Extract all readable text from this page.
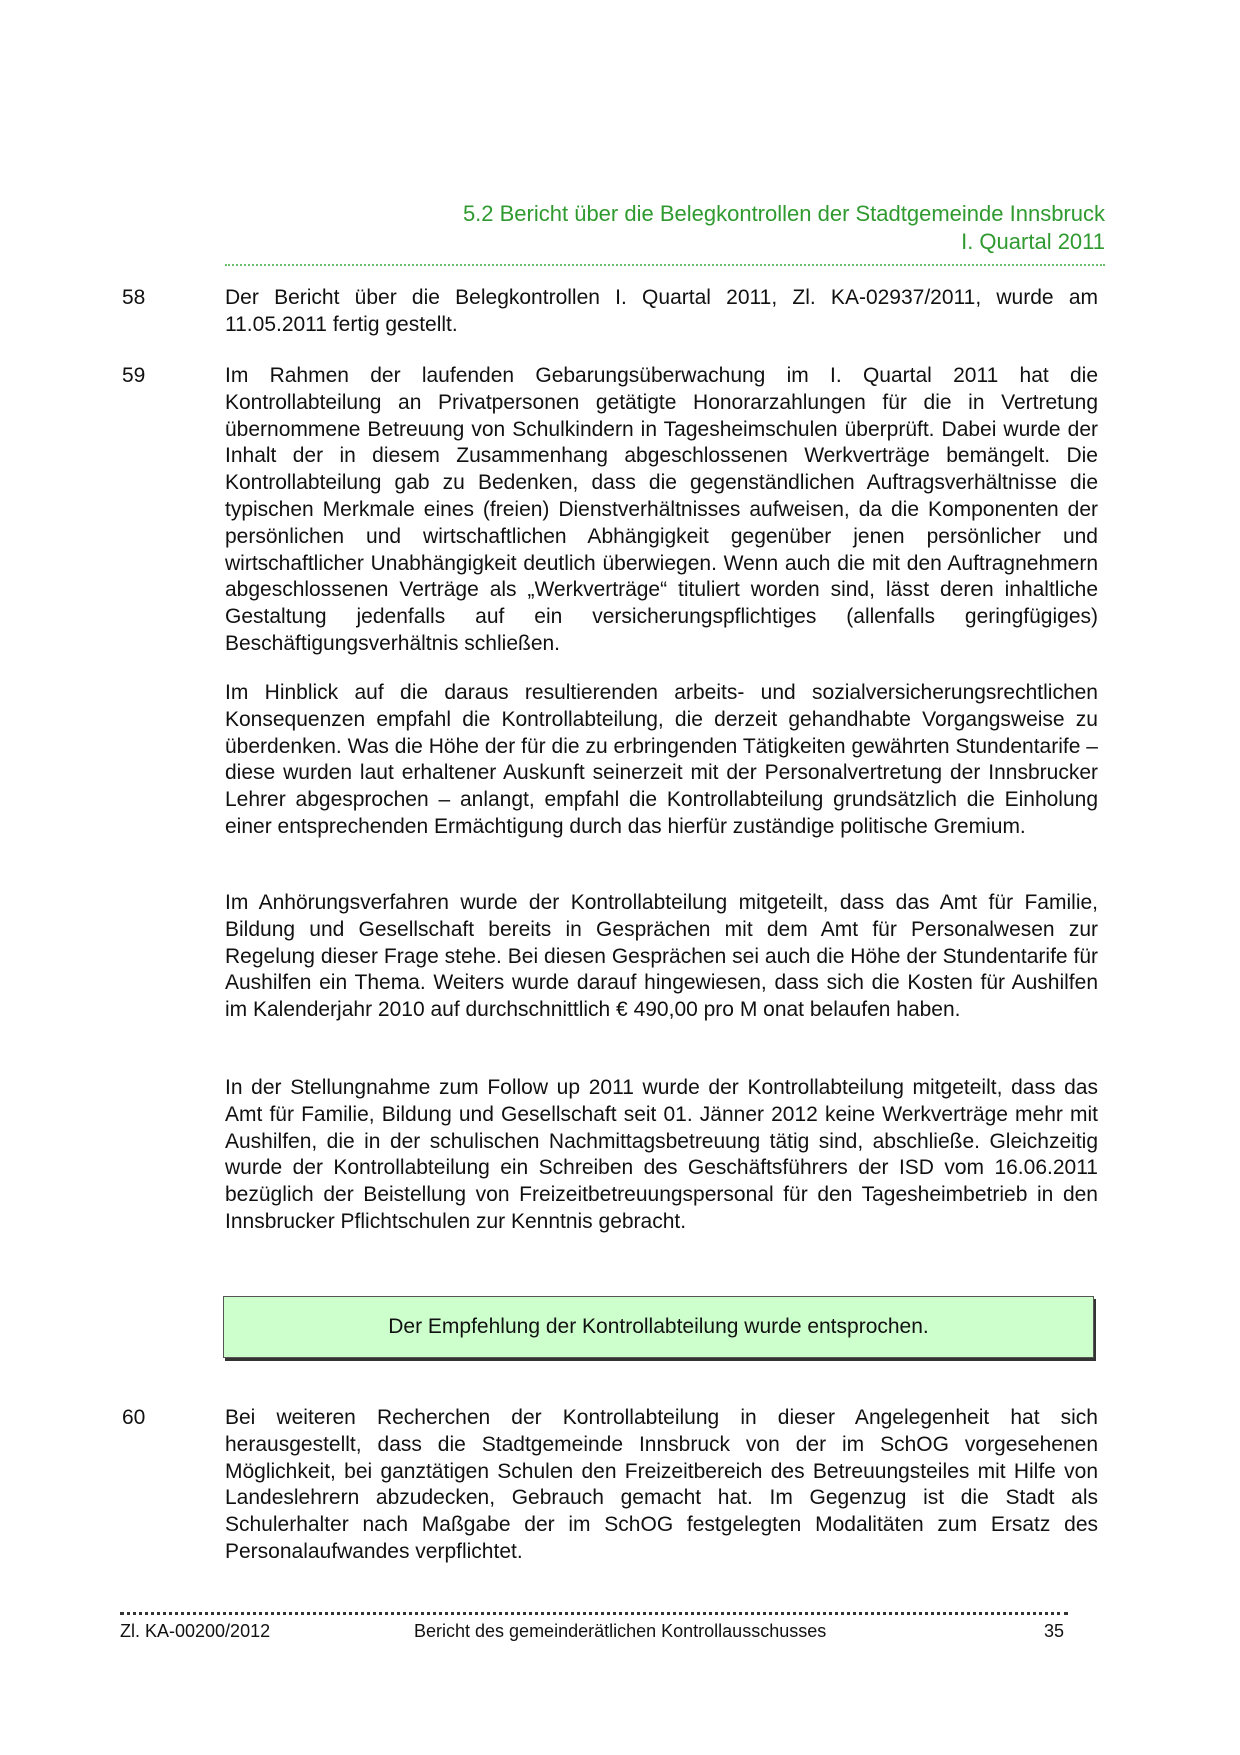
5.2 Bericht über die Belegkontrollen der Stadtgemeinde Innsbruck
I. Quartal 2011
58	Der Bericht über die Belegkontrollen I. Quartal 2011, Zl. KA-02937/2011, wurde am 11.05.2011 fertig gestellt.

59	Im Rahmen der laufenden Gebarungsüberwachung im I. Quartal 2011 hat die Kontrollabteilung an Privatpersonen getätigte Honorarzahlungen für die in Vertretung übernommene Betreuung von Schulkindern in Tagesheimschulen überprüft. Dabei wurde der Inhalt der in diesem Zusammenhang abgeschlossenen Werkverträge bemängelt. Die Kontrollabteilung gab zu Bedenken, dass die gegenständlichen Auftragsverhältnisse die typischen Merkmale eines (freien) Dienstverhältnisses aufweisen, da die Komponenten der persönlichen und wirtschaftlichen Abhängigkeit gegenüber jenen persönlicher und wirtschaftlicher Unabhängigkeit deutlich überwiegen. Wenn auch die mit den Auftragnehmern abgeschlossenen Verträge als „Werkverträge“ tituliert worden sind, lässt deren inhaltliche Gestaltung jedenfalls auf ein versicherungspflichtiges (allenfalls geringfügiges) Beschäftigungsverhältnis schließen.

Im Hinblick auf die daraus resultierenden arbeits- und sozialversicherungsrechtlichen Konsequenzen empfahl die Kontrollabteilung, die derzeit gehandhabte Vorgangsweise zu überdenken. Was die Höhe der für die zu erbringenden Tätigkeiten gewährten Stundentarife – diese wurden laut erhaltener Auskunft seinerzeit mit der Personalvertretung der Innsbrucker Lehrer abgesprochen – anlangt, empfahl die Kontrollabteilung grundsätzlich die Einholung einer entsprechenden Ermächtigung durch das hierfür zuständige politische Gremium.

Im Anhörungsverfahren wurde der Kontrollabteilung mitgeteilt, dass das Amt für Familie, Bildung und Gesellschaft bereits in Gesprächen mit dem Amt für Personalwesen zur Regelung dieser Frage stehe. Bei diesen Gesprächen sei auch die Höhe der Stundentarife für Aushilfen ein Thema. Weiters wurde darauf hingewiesen, dass sich die Kosten für Aushilfen im Kalenderjahr 2010 auf durchschnittlich € 490,00 pro M onat belaufen haben.

In der Stellungnahme zum Follow up 2011 wurde der Kontrollabteilung mitgeteilt, dass das Amt für Familie, Bildung und Gesellschaft seit 01. Jänner 2012 keine Werkverträge mehr mit Aushilfen, die in der schulischen Nachmittagsbetreuung tätig sind, abschließe. Gleichzeitig wurde der Kontrollabteilung ein Schreiben des Geschäftsführers der ISD vom 16.06.2011 bezüglich der Beistellung von Freizeitbetreuungspersonal für den Tagesheimbetrieb in den Innsbrucker Pflichtschulen zur Kenntnis gebracht.

Der Empfehlung der Kontrollabteilung wurde entsprochen.
60	Bei weiteren Recherchen der Kontrollabteilung in dieser Angelegenheit hat sich herausgestellt, dass die Stadtgemeinde Innsbruck von der im SchOG vorgesehenen Möglichkeit, bei ganztätigen Schulen den Freizeitbereich des Betreuungsteiles mit Hilfe von Landeslehrern abzudecken, Gebrauch gemacht hat. Im Gegenzug ist die Stadt als Schulerhalter nach Maßgabe der im SchOG festgelegten Modalitäten zum Ersatz des Personalaufwandes verpflichtet.

Zl. KA-00200/2012	Bericht des gemeinderätlichen Kontrollausschusses	35
